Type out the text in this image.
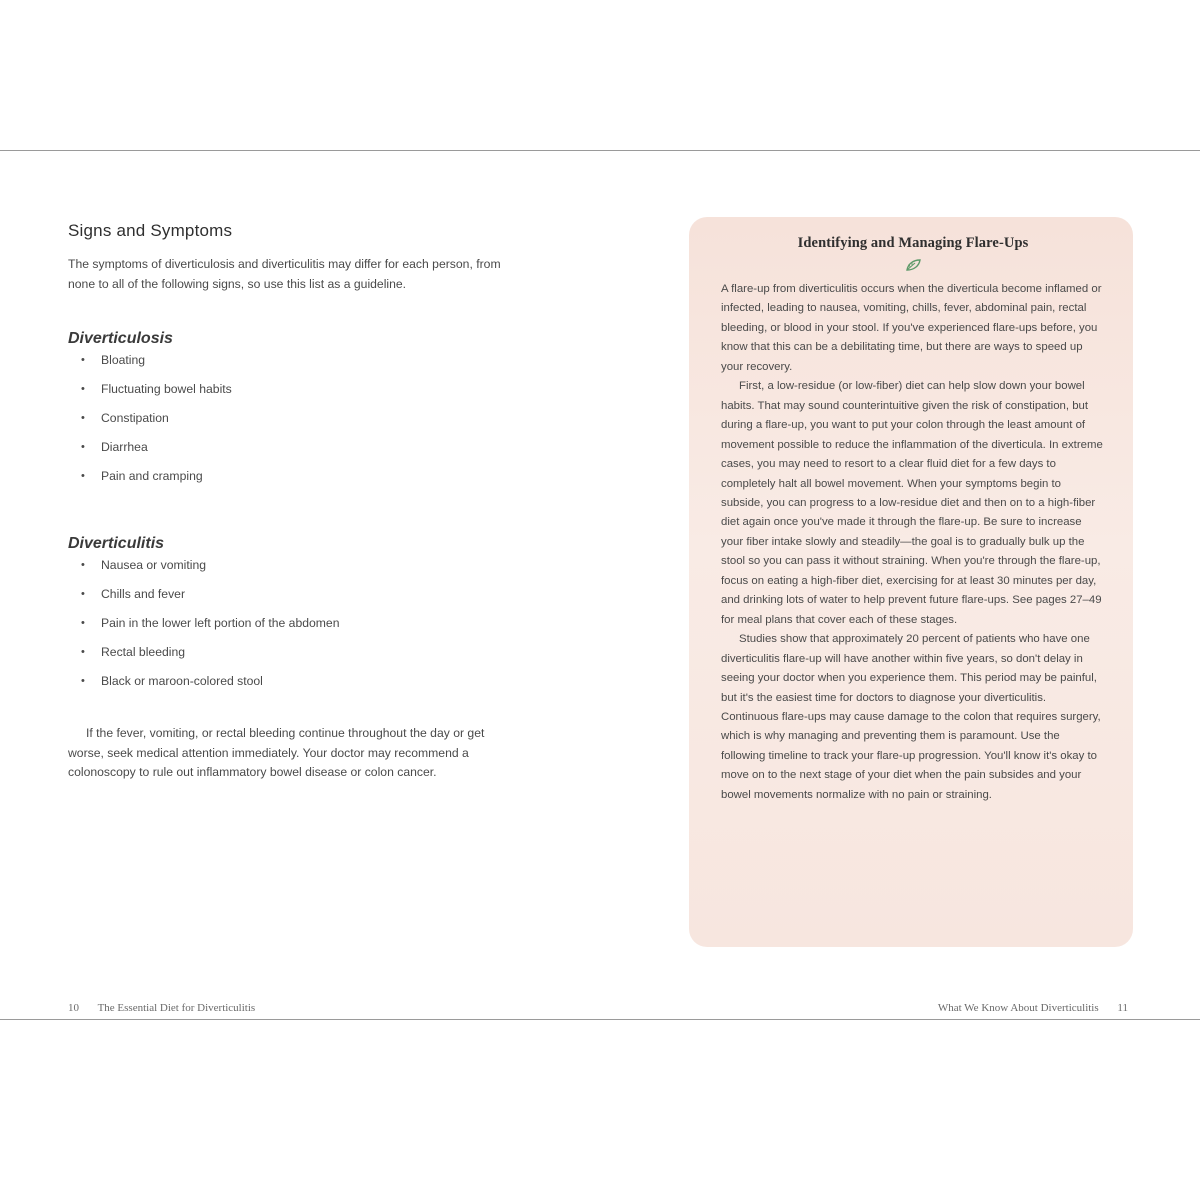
Signs and Symptoms

The symptoms of diverticulosis and diverticulitis may differ for each person, from none to all of the following signs, so use this list as a guideline.

Diverticulosis
• Bloating
• Fluctuating bowel habits
• Constipation
• Diarrhea
• Pain and cramping
Diverticulitis
• Nausea or vomiting
• Chills and fever
• Pain in the lower left portion of the abdomen
• Rectal bleeding
• Black or maroon-colored stool

If the fever, vomiting, or rectal bleeding continue throughout the day or get worse, seek medical attention immediately. Your doctor may recommend a colonoscopy to rule out inflammatory bowel disease or colon cancer.

Identifying and Managing Flare-Ups

A flare-up from diverticulitis occurs when the diverticula become inflamed or infected, leading to nausea, vomiting, chills, fever, abdominal pain, rectal bleeding, or blood in your stool. If you've experienced flare-ups before, you know that this can be a debilitating time, but there are ways to speed up your recovery.

First, a low-residue (or low-fiber) diet can help slow down your bowel habits. That may sound counterintuitive given the risk of constipation, but during a flare-up, you want to put your colon through the least amount of movement possible to reduce the inflammation of the diverticula. In extreme cases, you may need to resort to a clear fluid diet for a few days to completely halt all bowel movement. When your symptoms begin to subside, you can progress to a low-residue diet and then on to a high-fiber diet again once you've made it through the flare-up. Be sure to increase your fiber intake slowly and steadily—the goal is to gradually bulk up the stool so you can pass it without straining. When you're through the flare-up, focus on eating a high-fiber diet, exercising for at least 30 minutes per day, and drinking lots of water to help prevent future flare-ups. See pages 27–49 for meal plans that cover each of these stages.

Studies show that approximately 20 percent of patients who have one diverticulitis flare-up will have another within five years, so don't delay in seeing your doctor when you experience them. This period may be painful, but it's the easiest time for doctors to diagnose your diverticulitis. Continuous flare-ups may cause damage to the colon that requires surgery, which is why managing and preventing them is paramount. Use the following timeline to track your flare-up progression. You'll know it's okay to move on to the next stage of your diet when the pain subsides and your bowel movements normalize with no pain or straining.

10 The Essential Diet for Diverticulitis	What We Know About Diverticulitis 11
